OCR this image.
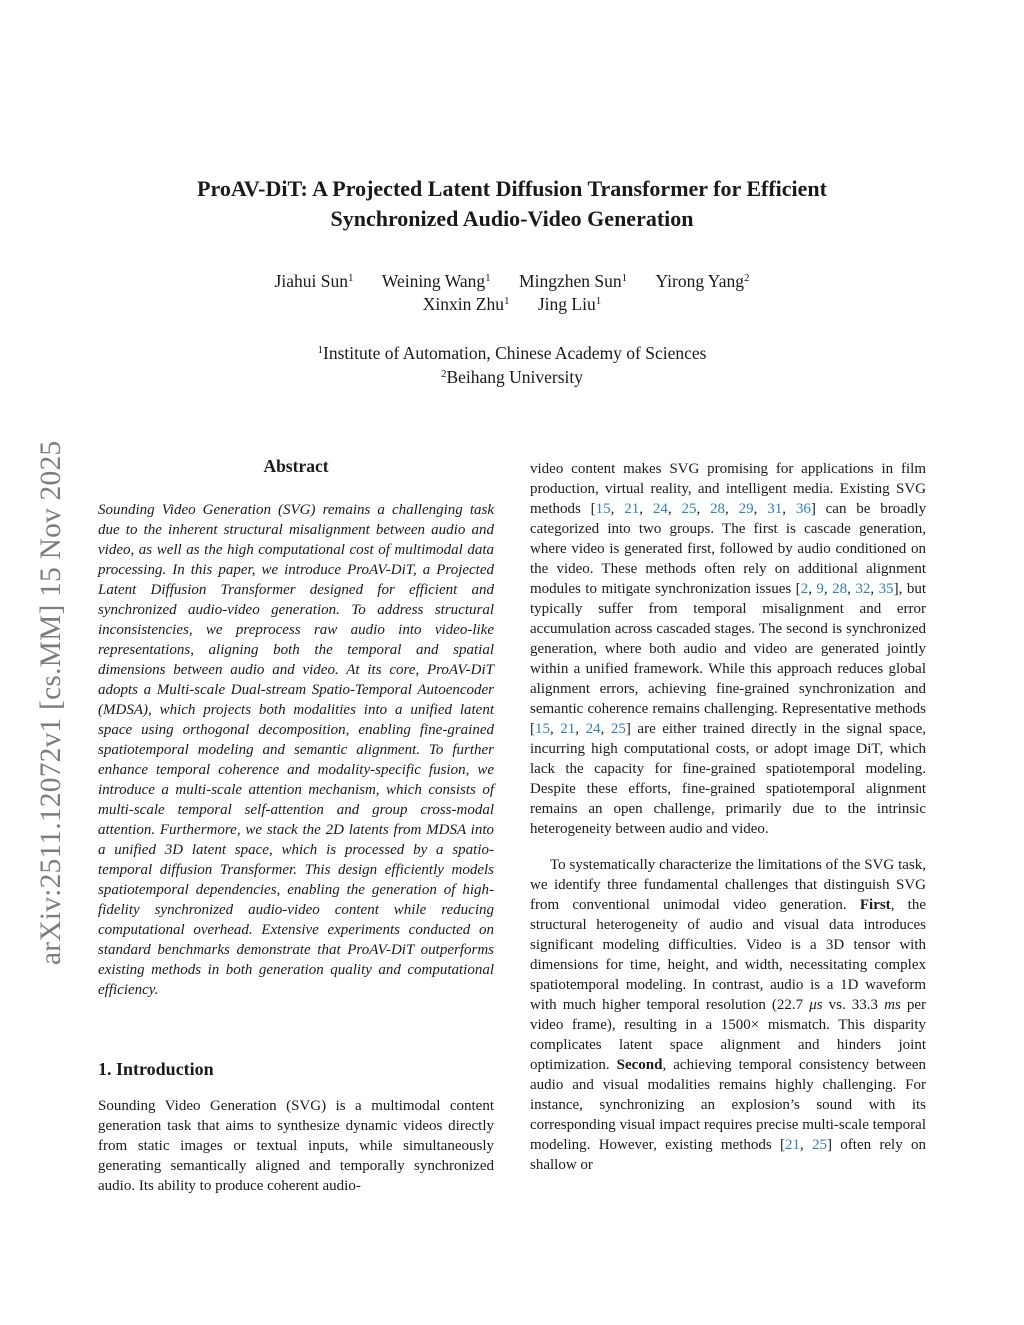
arXiv:2511.12072v1 [cs.MM] 15 Nov 2025
ProAV-DiT: A Projected Latent Diffusion Transformer for Efficient
Synchronized Audio-Video Generation
Jiahui Sun$^1$ Weining Wang$^1$ Mingzhen Sun$^1$ Yirong Yang$^2$
Xinxin Zhu$^1$ Jing Liu$^1$
$^1$Institute of Automation, Chinese Academy of Sciences
$^2$Beihang University
Abstract
Sounding Video Generation (SVG) remains a challenging task due to the inherent structural misalignment between audio and video, as well as the high computational cost of multimodal data processing. In this paper, we introduce ProAV-DiT, a Projected Latent Diffusion Transformer designed for efficient and synchronized audio-video generation. To address structural inconsistencies, we preprocess raw audio into video-like representations, aligning both the temporal and spatial dimensions between audio and video. At its core, ProAV-DiT adopts a Multi-scale Dual-stream Spatio-Temporal Autoencoder (MDSA), which projects both modalities into a unified latent space using orthogonal decomposition, enabling fine-grained spatiotemporal modeling and semantic alignment. To further enhance temporal coherence and modality-specific fusion, we introduce a multi-scale attention mechanism, which consists of multi-scale temporal self-attention and group cross-modal attention. Furthermore, we stack the 2D latents from MDSA into a unified 3D latent space, which is processed by a spatio-temporal diffusion Transformer. This design efficiently models spatiotemporal dependencies, enabling the generation of high-fidelity synchronized audio-video content while reducing computational overhead. Extensive experiments conducted on standard benchmarks demonstrate that ProAV-DiT outperforms existing methods in both generation quality and computational efficiency.
1. Introduction
Sounding Video Generation (SVG) is a multimodal content generation task that aims to synthesize dynamic videos directly from static images or textual inputs, while simultaneously generating semantically aligned and temporally synchronized audio. Its ability to produce coherent audio-

video content makes SVG promising for applications in film production, virtual reality, and intelligent media. Existing SVG methods [15, 21, 24, 25, 28, 29, 31, 36] can be broadly categorized into two groups. The first is cascade generation, where video is generated first, followed by audio conditioned on the video. These methods often rely on additional alignment modules to mitigate synchronization issues [2, 9, 28, 32, 35], but typically suffer from temporal misalignment and error accumulation across cascaded stages. The second is synchronized generation, where both audio and video are generated jointly within a unified framework. While this approach reduces global alignment errors, achieving fine-grained synchronization and semantic coherence remains challenging. Representative methods [15, 21, 24, 25] are either trained directly in the signal space, incurring high computational costs, or adopt image DiT, which lack the capacity for fine-grained spatiotemporal modeling. Despite these efforts, fine-grained spatiotemporal alignment remains an open challenge, primarily due to the intrinsic heterogeneity between audio and video.

To systematically characterize the limitations of the SVG task, we identify three fundamental challenges that distinguish SVG from conventional unimodal video generation. First, the structural heterogeneity of audio and visual data introduces significant modeling difficulties. Video is a 3D tensor with dimensions for time, height, and width, necessitating complex spatiotemporal modeling. In contrast, audio is a 1D waveform with much higher temporal resolution (22.7 μs vs. 33.3 ms per video frame), resulting in a 1500× mismatch. This disparity complicates latent space alignment and hinders joint optimization. Second, achieving temporal consistency between audio and visual modalities remains highly challenging. For instance, synchronizing an explosion’s sound with its corresponding visual impact requires precise multi-scale temporal modeling. However, existing methods [21, 25] often rely on shallow or
